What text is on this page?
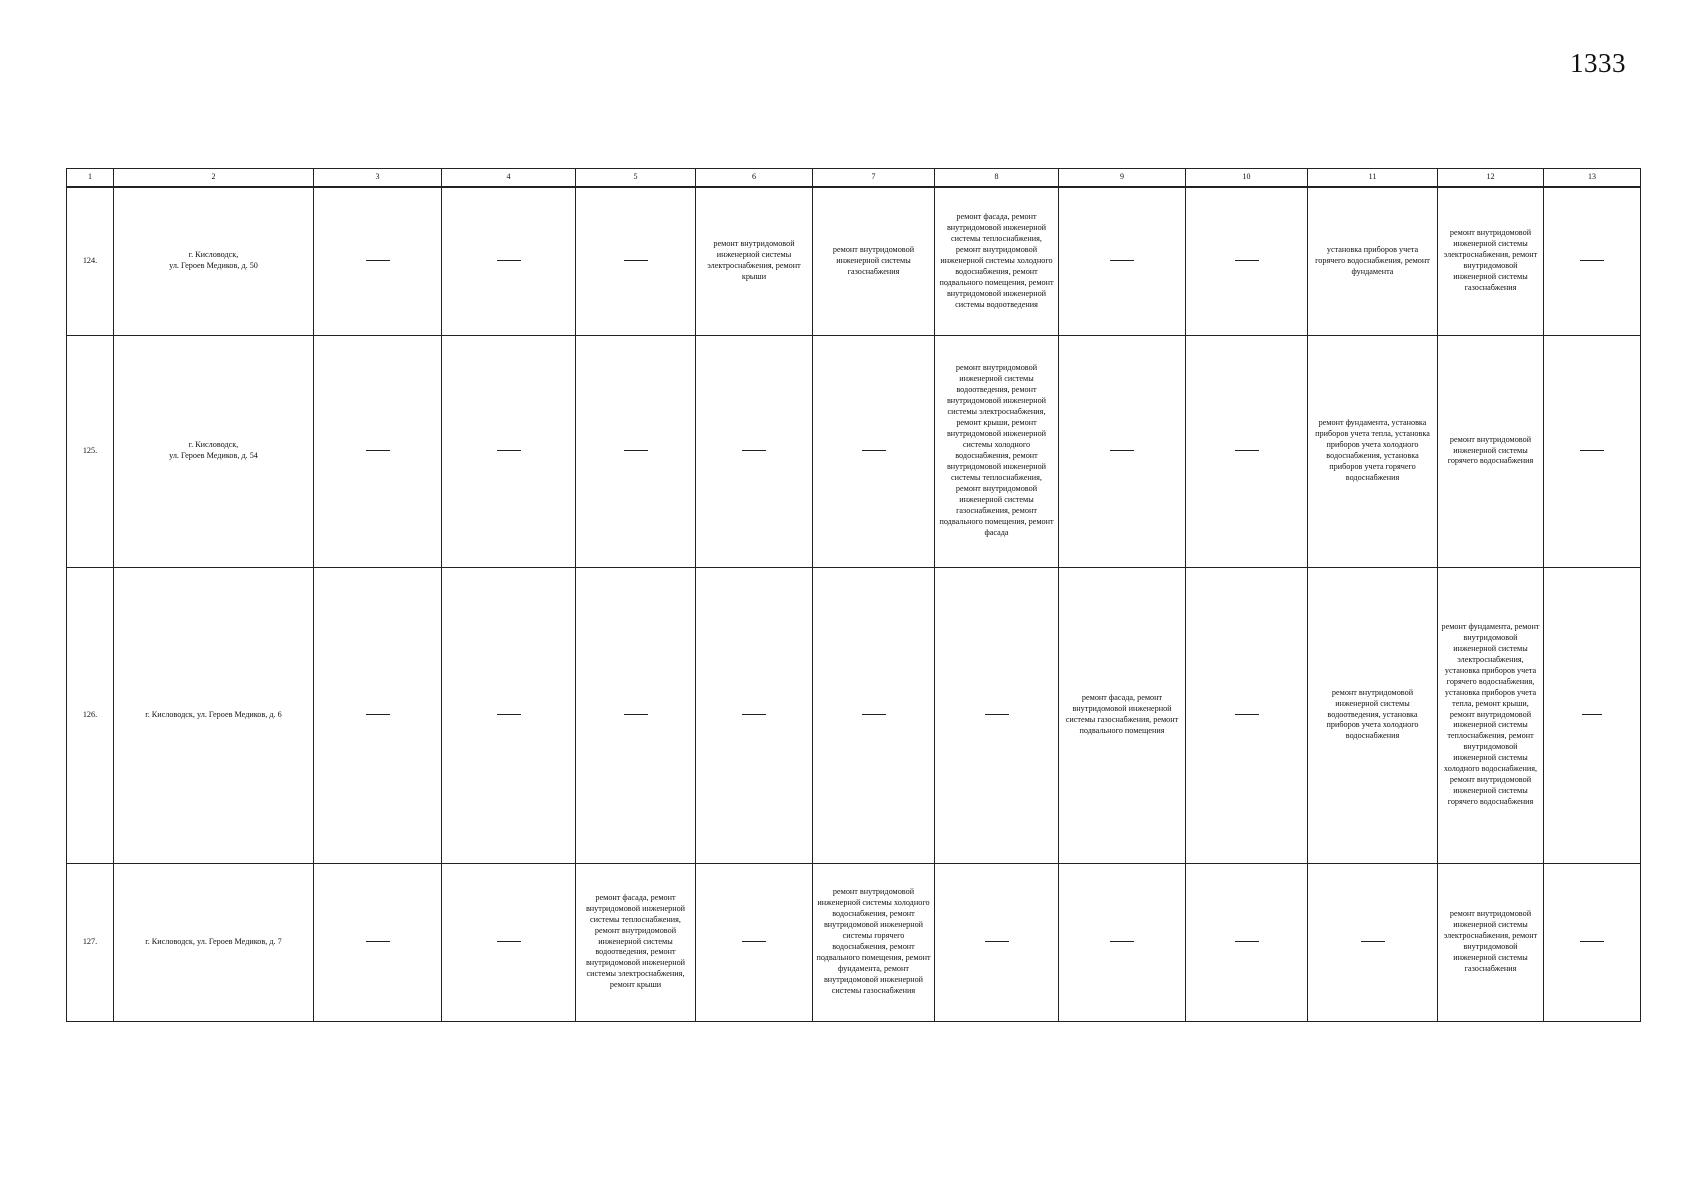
1333
1	2	3	4	5	6	7	8	9	10	11	12	13
124.	г. Кисловодск,
ул. Героев Медиков, д. 50				ремонт внутридомовой инженерной системы электроснабжения, ремонт крыши	ремонт внутридомовой инженерной системы газоснабжения	ремонт фасада, ремонт внутридомовой инженерной системы теплоснабжения, ремонт внутридомовой инженерной системы холодного водоснабжения, ремонт подвального помещения, ремонт внутридомовой инженерной системы водоотведения			установка приборов учета горячего водоснабжения, ремонт фундамента	ремонт внутридомовой инженерной системы электроснабжения, ремонт внутридомовой инженерной системы газоснабжения	
125.	г. Кисловодск,
ул. Героев Медиков, д. 54						ремонт внутридомовой инженерной системы водоотведения, ремонт внутридомовой инженерной системы электроснабжения, ремонт крыши, ремонт внутридомовой инженерной системы холодного водоснабжения, ремонт внутридомовой инженерной системы теплоснабжения, ремонт внутридомовой инженерной системы газоснабжения, ремонт подвального помещения, ремонт фасада			ремонт фундамента, установка приборов учета тепла, установка приборов учета холодного водоснабжения, установка приборов учета горячего водоснабжения	ремонт внутридомовой инженерной системы горячего водоснабжения	
126.	г. Кисловодск, ул. Героев Медиков, д. 6							ремонт фасада, ремонт внутридомовой инженерной системы газоснабжения, ремонт подвального помещения		ремонт внутридомовой инженерной системы водоотведения, установка приборов учета холодного водоснабжения	ремонт фундамента, ремонт внутридомовой инженерной системы электроснабжения, установка приборов учета горячего водоснабжения, установка приборов учета тепла, ремонт крыши, ремонт внутридомовой инженерной системы теплоснабжения, ремонт внутридомовой инженерной системы холодного водоснабжения, ремонт внутридомовой инженерной системы горячего водоснабжения	
127.	г. Кисловодск, ул. Героев Медиков, д. 7			ремонт фасада, ремонт внутридомовой инженерной системы теплоснабжения, ремонт внутридомовой инженерной системы водоотведения, ремонт внутридомовой инженерной системы электроснабжения, ремонт крыши		ремонт внутридомовой инженерной системы холодного водоснабжения, ремонт внутридомовой инженерной системы горячего водоснабжения, ремонт подвального помещения, ремонт фундамента, ремонт внутридомовой инженерной системы газоснабжения					ремонт внутридомовой инженерной системы электроснабжения, ремонт внутридомовой инженерной системы газоснабжения	
